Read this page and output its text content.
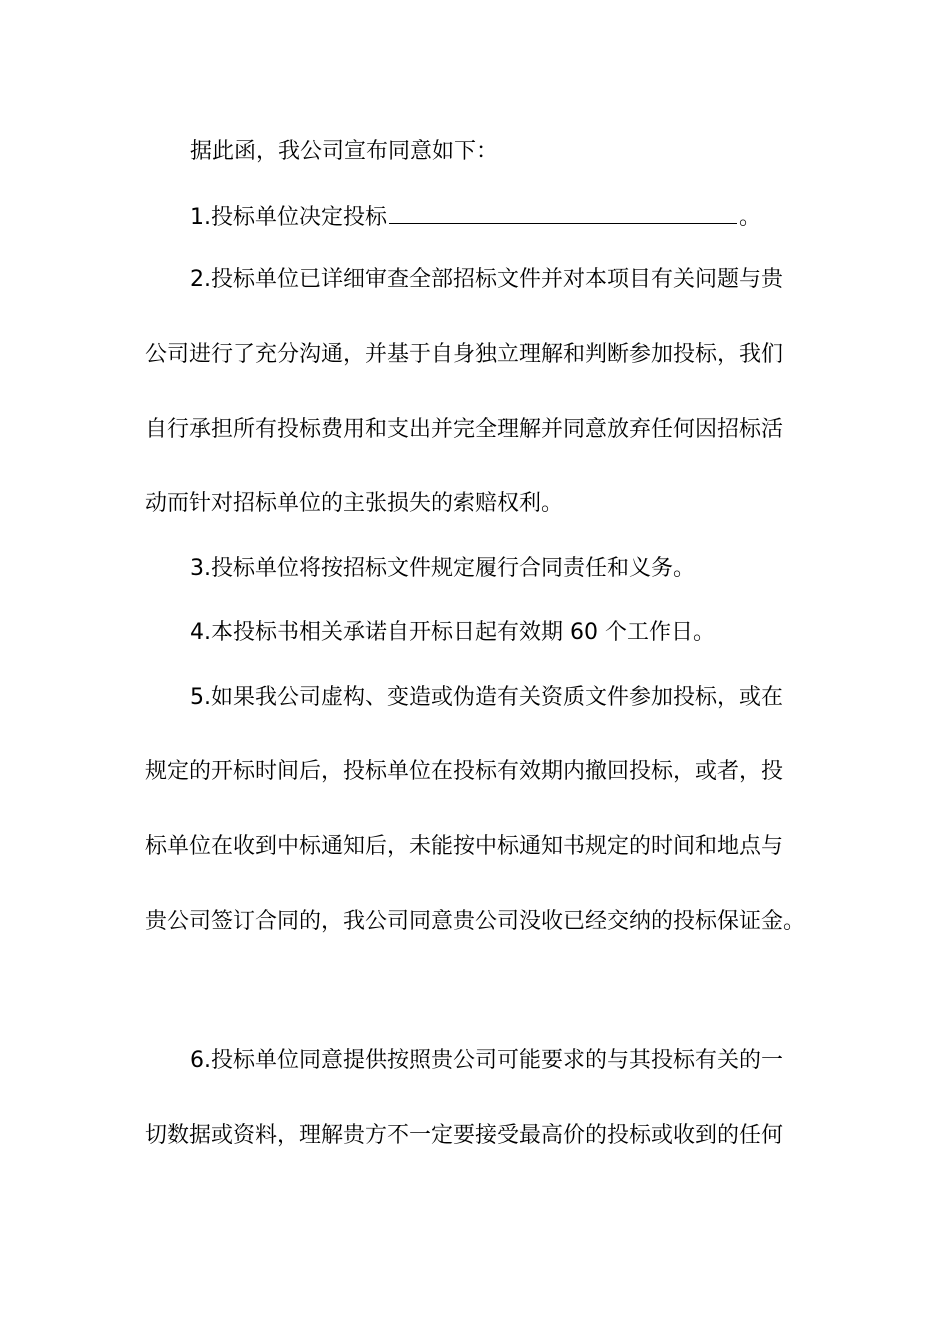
据此函，我公司宣布同意如下：
1.投标单位决定投标	。
2.投标单位已详细审查全部招标文件并对本项目有关问题与贵
公司进行了充分沟通，并基于自身独立理解和判断参加投标，我们
自行承担所有投标费用和支出并完全理解并同意放弃任何因招标活
动而针对招标单位的主张损失的索赔权利。
3.投标单位将按招标文件规定履行合同责任和义务。
4.本投标书相关承诺自开标日起有效期 60 个工作日。
5.如果我公司虚构、变造或伪造有关资质文件参加投标，或在
规定的开标时间后，投标单位在投标有效期内撤回投标，或者，投
标单位在收到中标通知后，未能按中标通知书规定的时间和地点与
贵公司签订合同的，我公司同意贵公司没收已经交纳的投标保证金。
6.投标单位同意提供按照贵公司可能要求的与其投标有关的一
切数据或资料，理解贵方不一定要接受最高价的投标或收到的任何
